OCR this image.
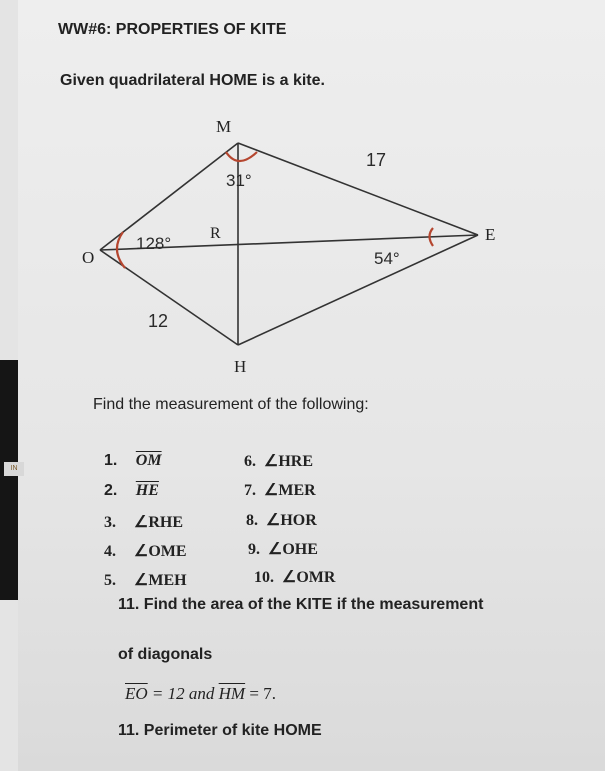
IN
WW#6: PROPERTIES OF KITE
Given quadrilateral HOME is a kite.
M
O
E
H
R
31°
128°
54°
17
12
Find the measurement of the following:
1. $\overline{OM}$
2. $\overline{HE}$
3. ∠RHE
4. ∠OME
5. ∠MEH
6. ∠HRE
7. ∠MER
8. ∠HOR
9. ∠OHE
10. ∠OMR
11. Find the area of the KITE if the measurement
of diagonals
$\overline{EO} = 12$ and $\overline{HM} = 7$.
11. Perimeter of kite HOME
